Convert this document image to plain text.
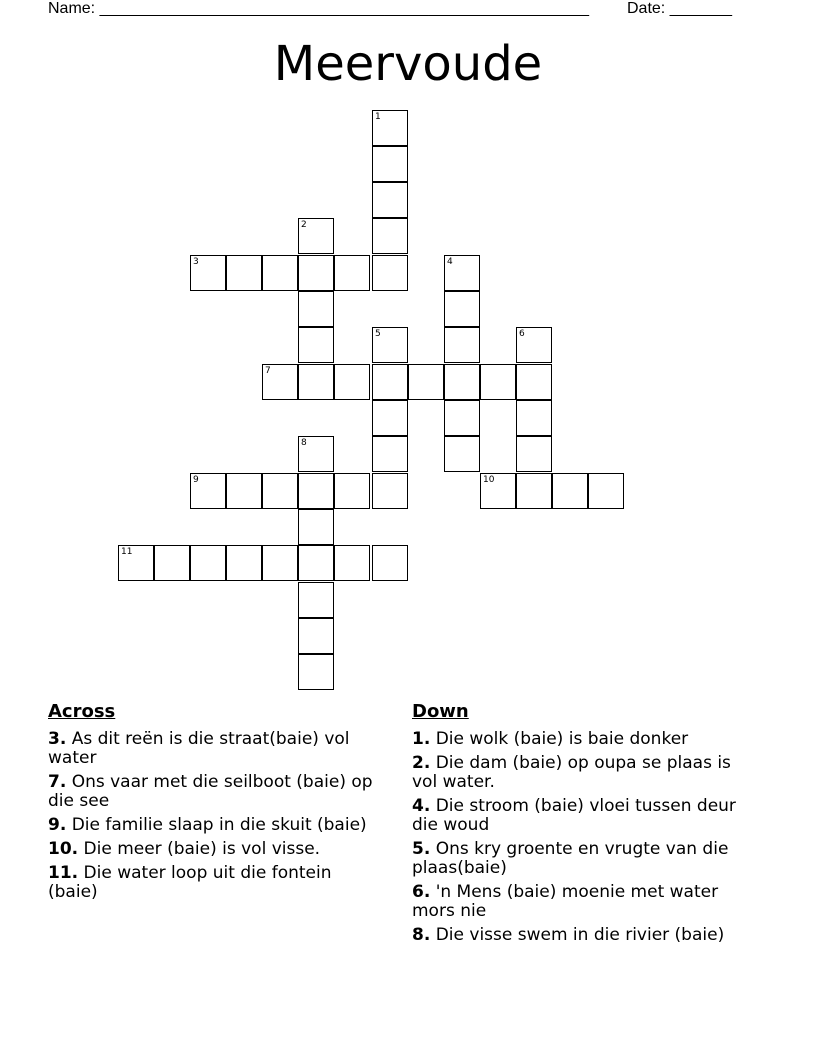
Name: _______________________________________________________ Date: _______
Meervoude
1
2
3	4
5	6
7
8
9	10
11
Across
3. As dit reën is die straat(baie) vol water
7. Ons vaar met die seilboot (baie) op die see
9. Die familie slaap in die skuit (baie)
10. Die meer (baie) is vol visse.
11. Die water loop uit die fontein (baie)
Down
1. Die wolk (baie) is baie donker
2. Die dam (baie) op oupa se plaas is vol water.
4. Die stroom (baie) vloei tussen deur die woud
5. Ons kry groente en vrugte van die plaas(baie)
6. 'n Mens (baie) moenie met water mors nie
8. Die visse swem in die rivier (baie)
